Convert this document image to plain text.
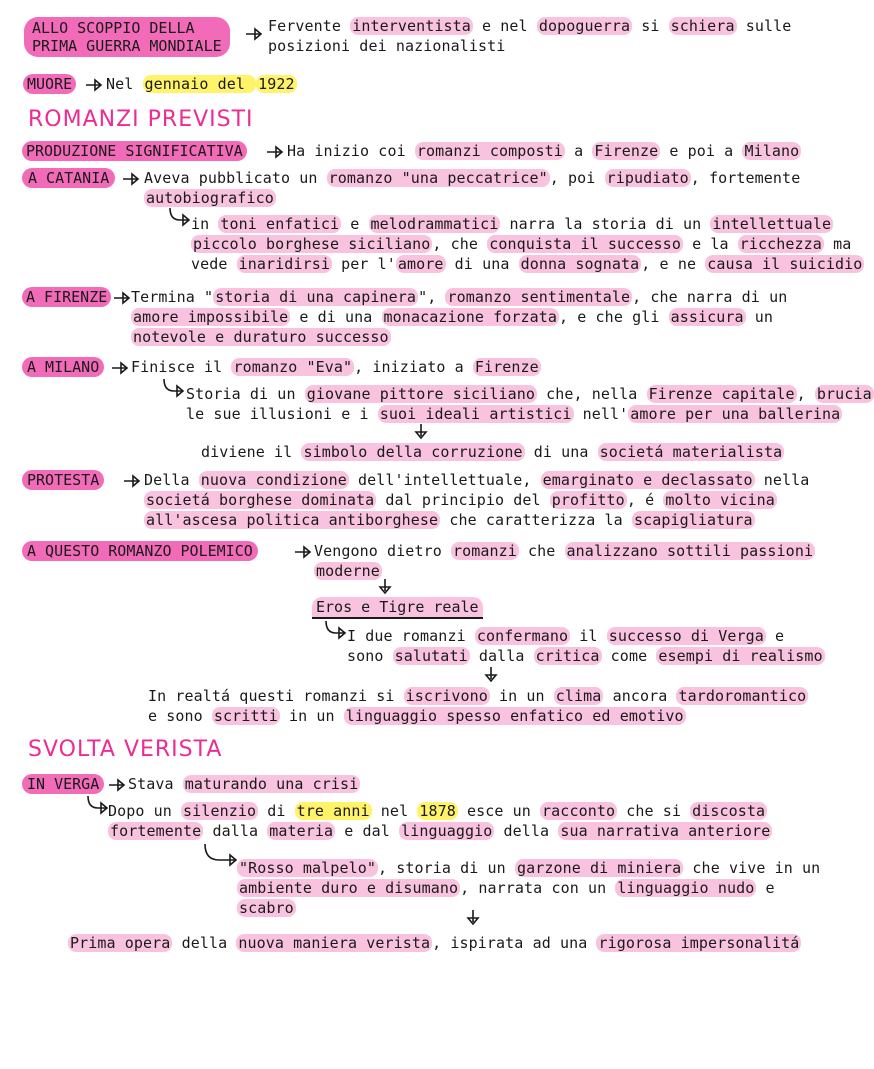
ALLO SCOPPIO DELLA
PRIMA GUERRA MONDIALE
Fervente interventista e nel dopoguerra si schiera sulle
posizioni dei nazionalisti
MUORE Nel gennaio del 1922
ROMANZI PREVISTI
PRODUZIONE SIGNIFICATIVA	Ha inizio coi romanzi composti a Firenze e poi a Milano
A CATANIA	Aveva pubblicato un romanzo "una peccatrice" , poi ripudiato , fortemente
autobiografico
in toni enfatici e melodrammatici narra la storia di un intellettuale
piccolo borghese siciliano , che conquista il successo e la ricchezza ma
vede inaridirsi per l' amore di una donna sognata , e ne causa il suicidio
A FIRENZE Termina " storia di una capinera ", romanzo sentimentale , che narra di un
amore impossibile e di una monacazione forzata , e che gli assicura un
notevole e duraturo successo
A MILANO	Finisce il romanzo "Eva" , iniziato a Firenze
Storia di un giovane pittore siciliano che, nella Firenze capitale , brucia
le sue illusioni e i suoi ideali artistici nell' amore per una ballerina
diviene il simbolo della corruzione di una societá materialista
PROTESTA	Della nuova condizione dell'intellettuale, emarginato e declassato nella
societá borghese dominata dal principio del profitto , é molto vicina
all'ascesa politica antiborghese che caratterizza la scapigliatura
A QUESTO ROMANZO POLEMICO	Vengono dietro romanzi che analizzano sottili passioni
moderne
Eros e Tigre reale
I due romanzi confermano il successo di Verga e
sono salutati dalla critica come esempi di realismo
In realtá questi romanzi si iscrivono in un clima ancora tardoromantico
e sono scritti in un linguaggio spesso enfatico ed emotivo
SVOLTA VERISTA
IN VERGA	Stava maturando una crisi
Dopo un silenzio di tre anni nel 1878 esce un racconto che si discosta
fortemente dalla materia e dal linguaggio della sua narrativa anteriore
"Rosso malpelo" , storia di un garzone di miniera che vive in un
ambiente duro e disumano , narrata con un linguaggio nudo e
scabro
Prima opera della nuova maniera verista , ispirata ad una rigorosa impersonalitá
